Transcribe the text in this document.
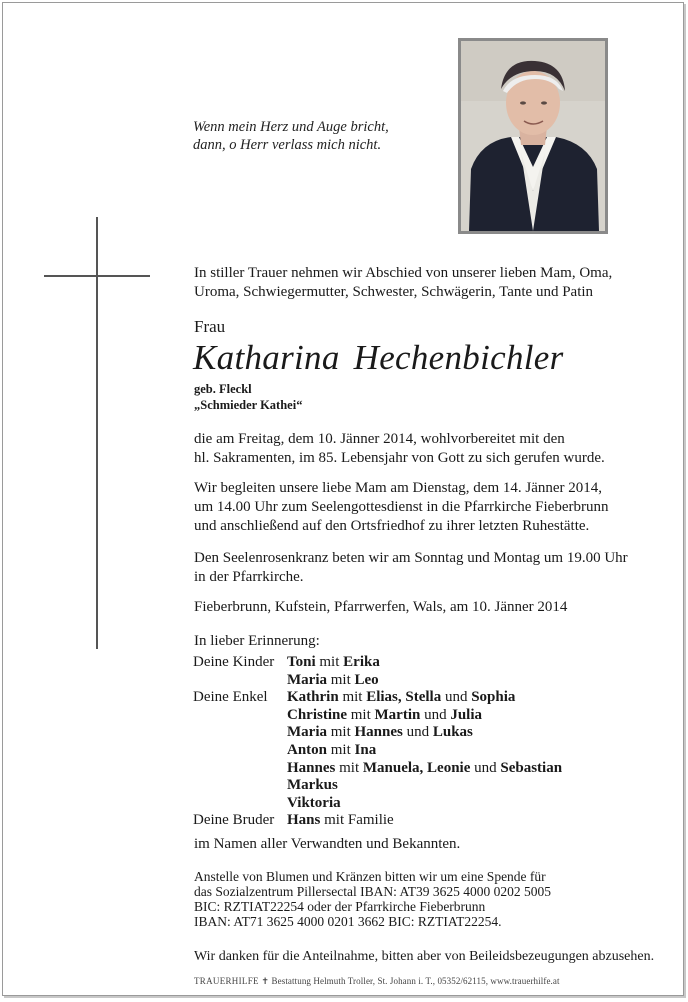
Wenn mein Herz und Auge bricht,
dann, o Herr verlass mich nicht.
In stiller Trauer nehmen wir Abschied von unserer lieben Mam, Oma,
Uroma, Schwiegermutter, Schwester, Schwägerin, Tante und Patin
Frau
Katharina Hechenbichler
geb. Fleckl
„Schmieder Kathei“
die am Freitag, dem 10. Jänner 2014, wohlvorbereitet mit den
hl. Sakramenten, im 85. Lebensjahr von Gott zu sich gerufen wurde.
Wir begleiten unsere liebe Mam am Dienstag, dem 14. Jänner 2014,
um 14.00 Uhr zum Seelengottesdienst in die Pfarrkirche Fieberbrunn
und anschließend auf den Ortsfriedhof zu ihrer letzten Ruhestätte.
Den Seelenrosenkranz beten wir am Sonntag und Montag um 19.00 Uhr
in der Pfarrkirche.
Fieberbrunn, Kufstein, Pfarrwerfen, Wals, am 10. Jänner 2014
In lieber Erinnerung:
Deine Kinder	Toni mit Erika
	Maria mit Leo
Deine Enkel	Kathrin mit Elias, Stella und Sophia
	Christine mit Martin und Julia
	Maria mit Hannes und Lukas
	Anton mit Ina
	Hannes mit Manuela, Leonie und Sebastian
	Markus
	Viktoria
Deine Bruder	Hans mit Familie
im Namen aller Verwandten und Bekannten.
Anstelle von Blumen und Kränzen bitten wir um eine Spende für
das Sozialzentrum Pillersectal IBAN: AT39 3625 4000 0202 5005
BIC: RZTIAT22254 oder der Pfarrkirche Fieberbrunn
IBAN: AT71 3625 4000 0201 3662 BIC: RZTIAT22254.
Wir danken für die Anteilnahme, bitten aber von Beileidsbezeugungen abzusehen.
TRAUERHILFE ✝ Bestattung Helmuth Troller, St. Johann i. T., 05352/62115, www.trauerhilfe.at
